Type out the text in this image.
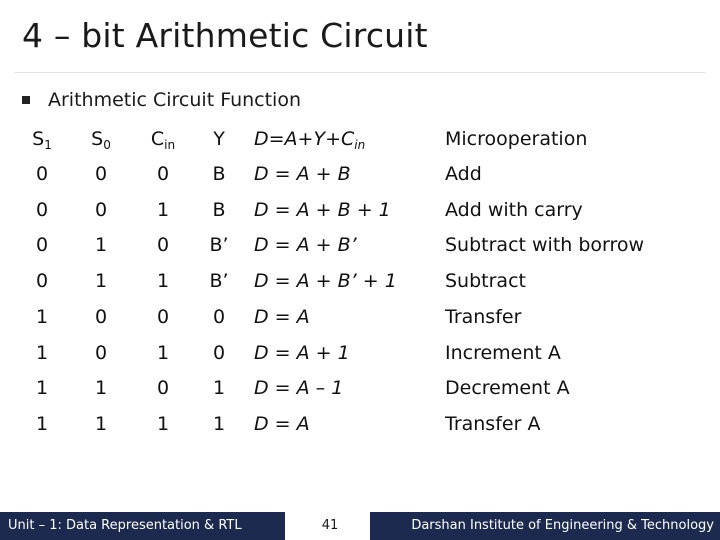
4 – bit Arithmetic Circuit
Arithmetic Circuit Function
$S_1$	$S_0$	$C_{in}$	Y	$D=A+Y+C_{in}$	Microoperation
0	0	0	B	D = A + B	Add
0	0	1	B	D = A + B + 1	Add with carry
0	1	0	B’	D = A + B’	Subtract with borrow
0	1	1	B’	D = A + B’ + 1	Subtract
1	0	0	0	D = A	Transfer
1	0	1	0	D = A + 1	Increment A
1	1	0	1	D = A – 1	Decrement A
1	1	1	1	D = A	Transfer A
Unit – 1: Data Representation & RTL	41	Darshan Institute of Engineering & Technology
